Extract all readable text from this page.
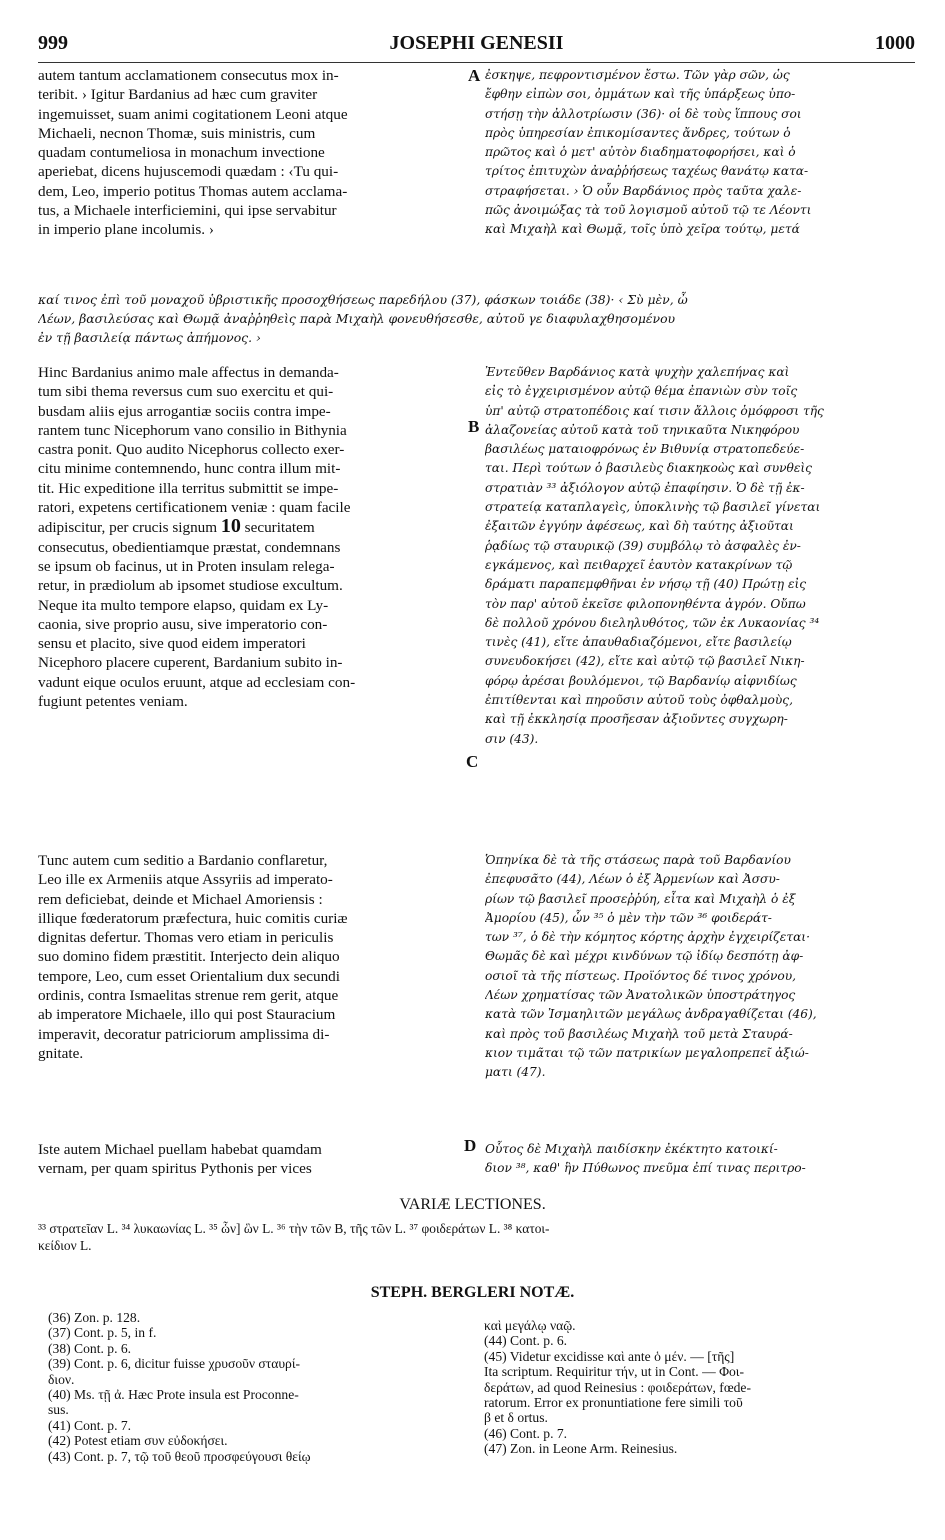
999	JOSEPHI GENESII	1000
autem tantum acclamationem consecutus mox in-
teribit. › Igitur Bardanius ad hæc cum graviter
ingemuisset, suam animi cogitationem Leoni atque
Michaeli, necnon Thomæ, suis ministris, cum
quadam contumeliosa in monachum invectione
aperiebat, dicens hujuscemodi quædam : ‹Tu qui-
dem, Leo, imperio potitus Thomas autem acclama-
tus, a Michaele interficiemini, qui ipse servabitur
in imperio plane incolumis. ›
A ἐσκηψε, πεφροντισμένον ἔστω. Τῶν γὰρ σῶν, ὡς
ἔφθην εἰπὼν σοι, ὀμμάτων καὶ τῆς ὑπάρξεως ὑπο-
στήσῃ τὴν ἀλλοτρίωσιν (36)· οἱ δὲ τοὺς ἵππους σοι
πρὸς ὑπηρεσίαν ἐπικομίσαντες ἄνδρες, τούτων ὁ
πρῶτος καὶ ὁ μετ' αὐτὸν διαδηματοφορήσει, καὶ ὁ
τρίτος ἐπιτυχὼν ἀναῤῥήσεως ταχέως θανάτῳ κατα-
στραφήσεται. › Ὁ οὖν Βαρδάνιος πρὸς ταῦτα χαλε-
πῶς ἀνοιμώξας τὰ τοῦ λογισμοῦ αὐτοῦ τῷ τε Λέοντι
καὶ Μιχαὴλ καὶ Θωμᾷ, τοῖς ὑπὸ χεῖρα τούτῳ, μετά
καί τινος ἐπὶ τοῦ μοναχοῦ ὑβριστικῆς προσοχθήσεως παρεδήλου (37), φάσκων τοιάδε (38)· ‹ Σὺ μὲν, ὦ
Λέων, βασιλεύσας καὶ Θωμᾷ ἀναῤῥηθεὶς παρὰ Μιχαὴλ φονευθήσεσθε, αὐτοῦ γε διαφυλαχθησομένου
ἐν τῇ βασιλείᾳ πάντως ἀπήμονος. ›
Hinc Bardanius animo male affectus in demanda-
tum sibi thema reversus cum suo exercitu et qui-
busdam aliis ejus arrogantiæ sociis contra impe-
rantem tunc Nicephorum vano consilio in Bithynia
castra ponit. Quo audito Nicephorus collecto exer-
citu minime contemnendo, hunc contra illum mit-
tit. Hic expeditione illa territus submittit se impe-
ratori, expetens certificationem veniæ : quam facile
adipiscitur, per crucis signum 10 securitatem
consecutus, obedientiamque præstat, condemnans
se ipsum ob facinus, ut in Proten insulam relega-
retur, in prædiolum ab ipsomet studiose excultum.
Neque ita multo tempore elapso, quidam ex Ly-
caonia, sive proprio ausu, sive imperatorio con-
sensu et placito, sive quod eidem imperatori
Nicephoro placere cuperent, Bardanium subito in-
vadunt eique oculos eruunt, atque ad ecclesiam con-
fugiunt petentes veniam.
B
C
Ἐντεῦθεν Βαρδάνιος κατὰ ψυχὴν χαλεπήνας καὶ
εἰς τὸ ἐγχειρισμένον αὐτῷ θέμα ἐπανιὼν σὺν τοῖς
ὑπ' αὐτῷ στρατοπέδοις καί τισιν ἄλλοις ὁμόφροσι τῆς
ἀλαζονείας αὐτοῦ κατὰ τοῦ τηνικαῦτα Νικηφόρου
βασιλέως ματαιοφρόνως ἐν Βιθυνίᾳ στρατοπεδεύε-
ται. Περὶ τούτων ὁ βασιλεὺς διακηκοὼς καὶ συνθεὶς
στρατιὰν ³³ ἀξιόλογον αὐτῷ ἐπαφίησιν. Ὁ δὲ τῇ ἐκ-
στρατείᾳ καταπλαγεὶς, ὑποκλινὴς τῷ βασιλεῖ γίνεται
ἐξαιτῶν ἐγγύην ἀφέσεως, καὶ δὴ ταύτης ἀξιοῦται
ῥᾳδίως τῷ σταυρικῷ (39) συμβόλῳ τὸ ἀσφαλὲς ἐν-
εγκάμενος, καὶ πειθαρχεῖ ἑαυτὸν κατακρίνων τῷ
δράματι παραπεμφθῆναι ἐν νήσῳ τῇ (40) Πρώτῃ εἰς
τὸν παρ' αὐτοῦ ἐκεῖσε φιλοπονηθέντα ἀγρόν. Οὔπω
δὲ πολλοῦ χρόνου διεληλυθότος, τῶν ἐκ Λυκαονίας ³⁴
τινὲς (41), εἴτε ἀπαυθαδιαζόμενοι, εἴτε βασιλείῳ
συνευδοκήσει (42), εἴτε καὶ αὐτῷ τῷ βασιλεῖ Νικη-
φόρῳ ἀρέσαι βουλόμενοι, τῷ Βαρδανίῳ αἰφνιδίως
ἐπιτίθενται καὶ πηροῦσιν αὐτοῦ τοὺς ὀφθαλμοὺς,
καὶ τῇ ἐκκλησίᾳ προσῆεσαν ἀξιοῦντες συγχωρη-
σιν (43).
Tunc autem cum seditio a Bardanio conflaretur,
Leo ille ex Armeniis atque Assyriis ad imperato-
rem deficiebat, deinde et Michael Amoriensis :
illique fœderatorum præfectura, huic comitis curiæ
dignitas defertur. Thomas vero etiam in periculis
suo domino fidem præstitit. Interjecto dein aliquo
tempore, Leo, cum esset Orientalium dux secundi
ordinis, contra Ismaelitas strenue rem gerit, atque
ab imperatore Michaele, illo qui post Stauracium
imperavit, decoratur patriciorum amplissima di-
gnitate.
Ὁπηνίκα δὲ τὰ τῆς στάσεως παρὰ τοῦ Βαρδανίου
ἐπεφυσᾶτο (44), Λέων ὁ ἐξ Ἀρμενίων καὶ Ἀσσυ-
ρίων τῷ βασιλεῖ προσεῤῥύη, εἶτα καὶ Μιχαὴλ ὁ ἐξ
Ἀμορίου (45), ὧν ³⁵ ὁ μὲν τὴν τῶν ³⁶ φοιδεράτ-
των ³⁷, ὁ δὲ τὴν κόμητος κόρτης ἀρχὴν ἐγχειρίζεται·
Θωμᾶς δὲ καὶ μέχρι κινδύνων τῷ ἰδίῳ δεσπότῃ ἀφ-
οσιοῖ τὰ τῆς πίστεως. Προϊόντος δέ τινος χρόνου,
Λέων χρηματίσας τῶν Ἀνατολικῶν ὑποστράτηγος
κατὰ τῶν Ἰσμαηλιτῶν μεγάλως ἀνδραγαθίζεται (46),
καὶ πρὸς τοῦ βασιλέως Μιχαὴλ τοῦ μετὰ Σταυρά-
κιον τιμᾶται τῷ τῶν πατρικίων μεγαλοπρεπεῖ ἀξιώ-
ματι (47).
Iste autem Michael puellam habebat quamdam
vernam, per quam spiritus Pythonis per vices
D Οὗτος δὲ Μιχαὴλ παιδίσκην ἐκέκτητο κατοικί-
διον ³⁸, καθ' ἣν Πύθωνος πνεῦμα ἐπί τινας περιτρο-
VARIÆ LECTIONES.
³³ στρατεῖαν L. ³⁴ λυκαωνίας L. ³⁵ ὧν] ὣν L. ³⁶ τὴν τῶν B, τῆς τῶν L. ³⁷ φοιδεράτων L. ³⁸ κατοι-
κείδιον L.
STEPH. BERGLERI NOTÆ.
(36) Zon. p. 128.
(37) Cont. p. 5, in f.
(38) Cont. p. 6.
(39) Cont. p. 6, dicitur fuisse χρυσοῦν σταυρί-
διον.
(40) Ms. τῇ ἀ. Hæc Prote insula est Proconne-
sus.
(41) Cont. p. 7.
(42) Potest etiam συν εὐδοκήσει.
(43) Cont. p. 7, τῷ τοῦ θεοῦ προσφεύγουσι θείῳ
καὶ μεγάλῳ ναῷ.
(44) Cont. p. 6.
(45) Videtur excidisse καὶ ante ὁ μέν. — [τῆς]
Ita scriptum. Requiritur τήν, ut in Cont. — Φοι-
δεράτων, ad quod Reinesius : φοιδεράτων, fœde-
ratorum. Error ex pronuntiatione fere simili τοῦ
β et δ ortus.
(46) Cont. p. 7.
(47) Zon. in Leone Arm. Reinesius.
